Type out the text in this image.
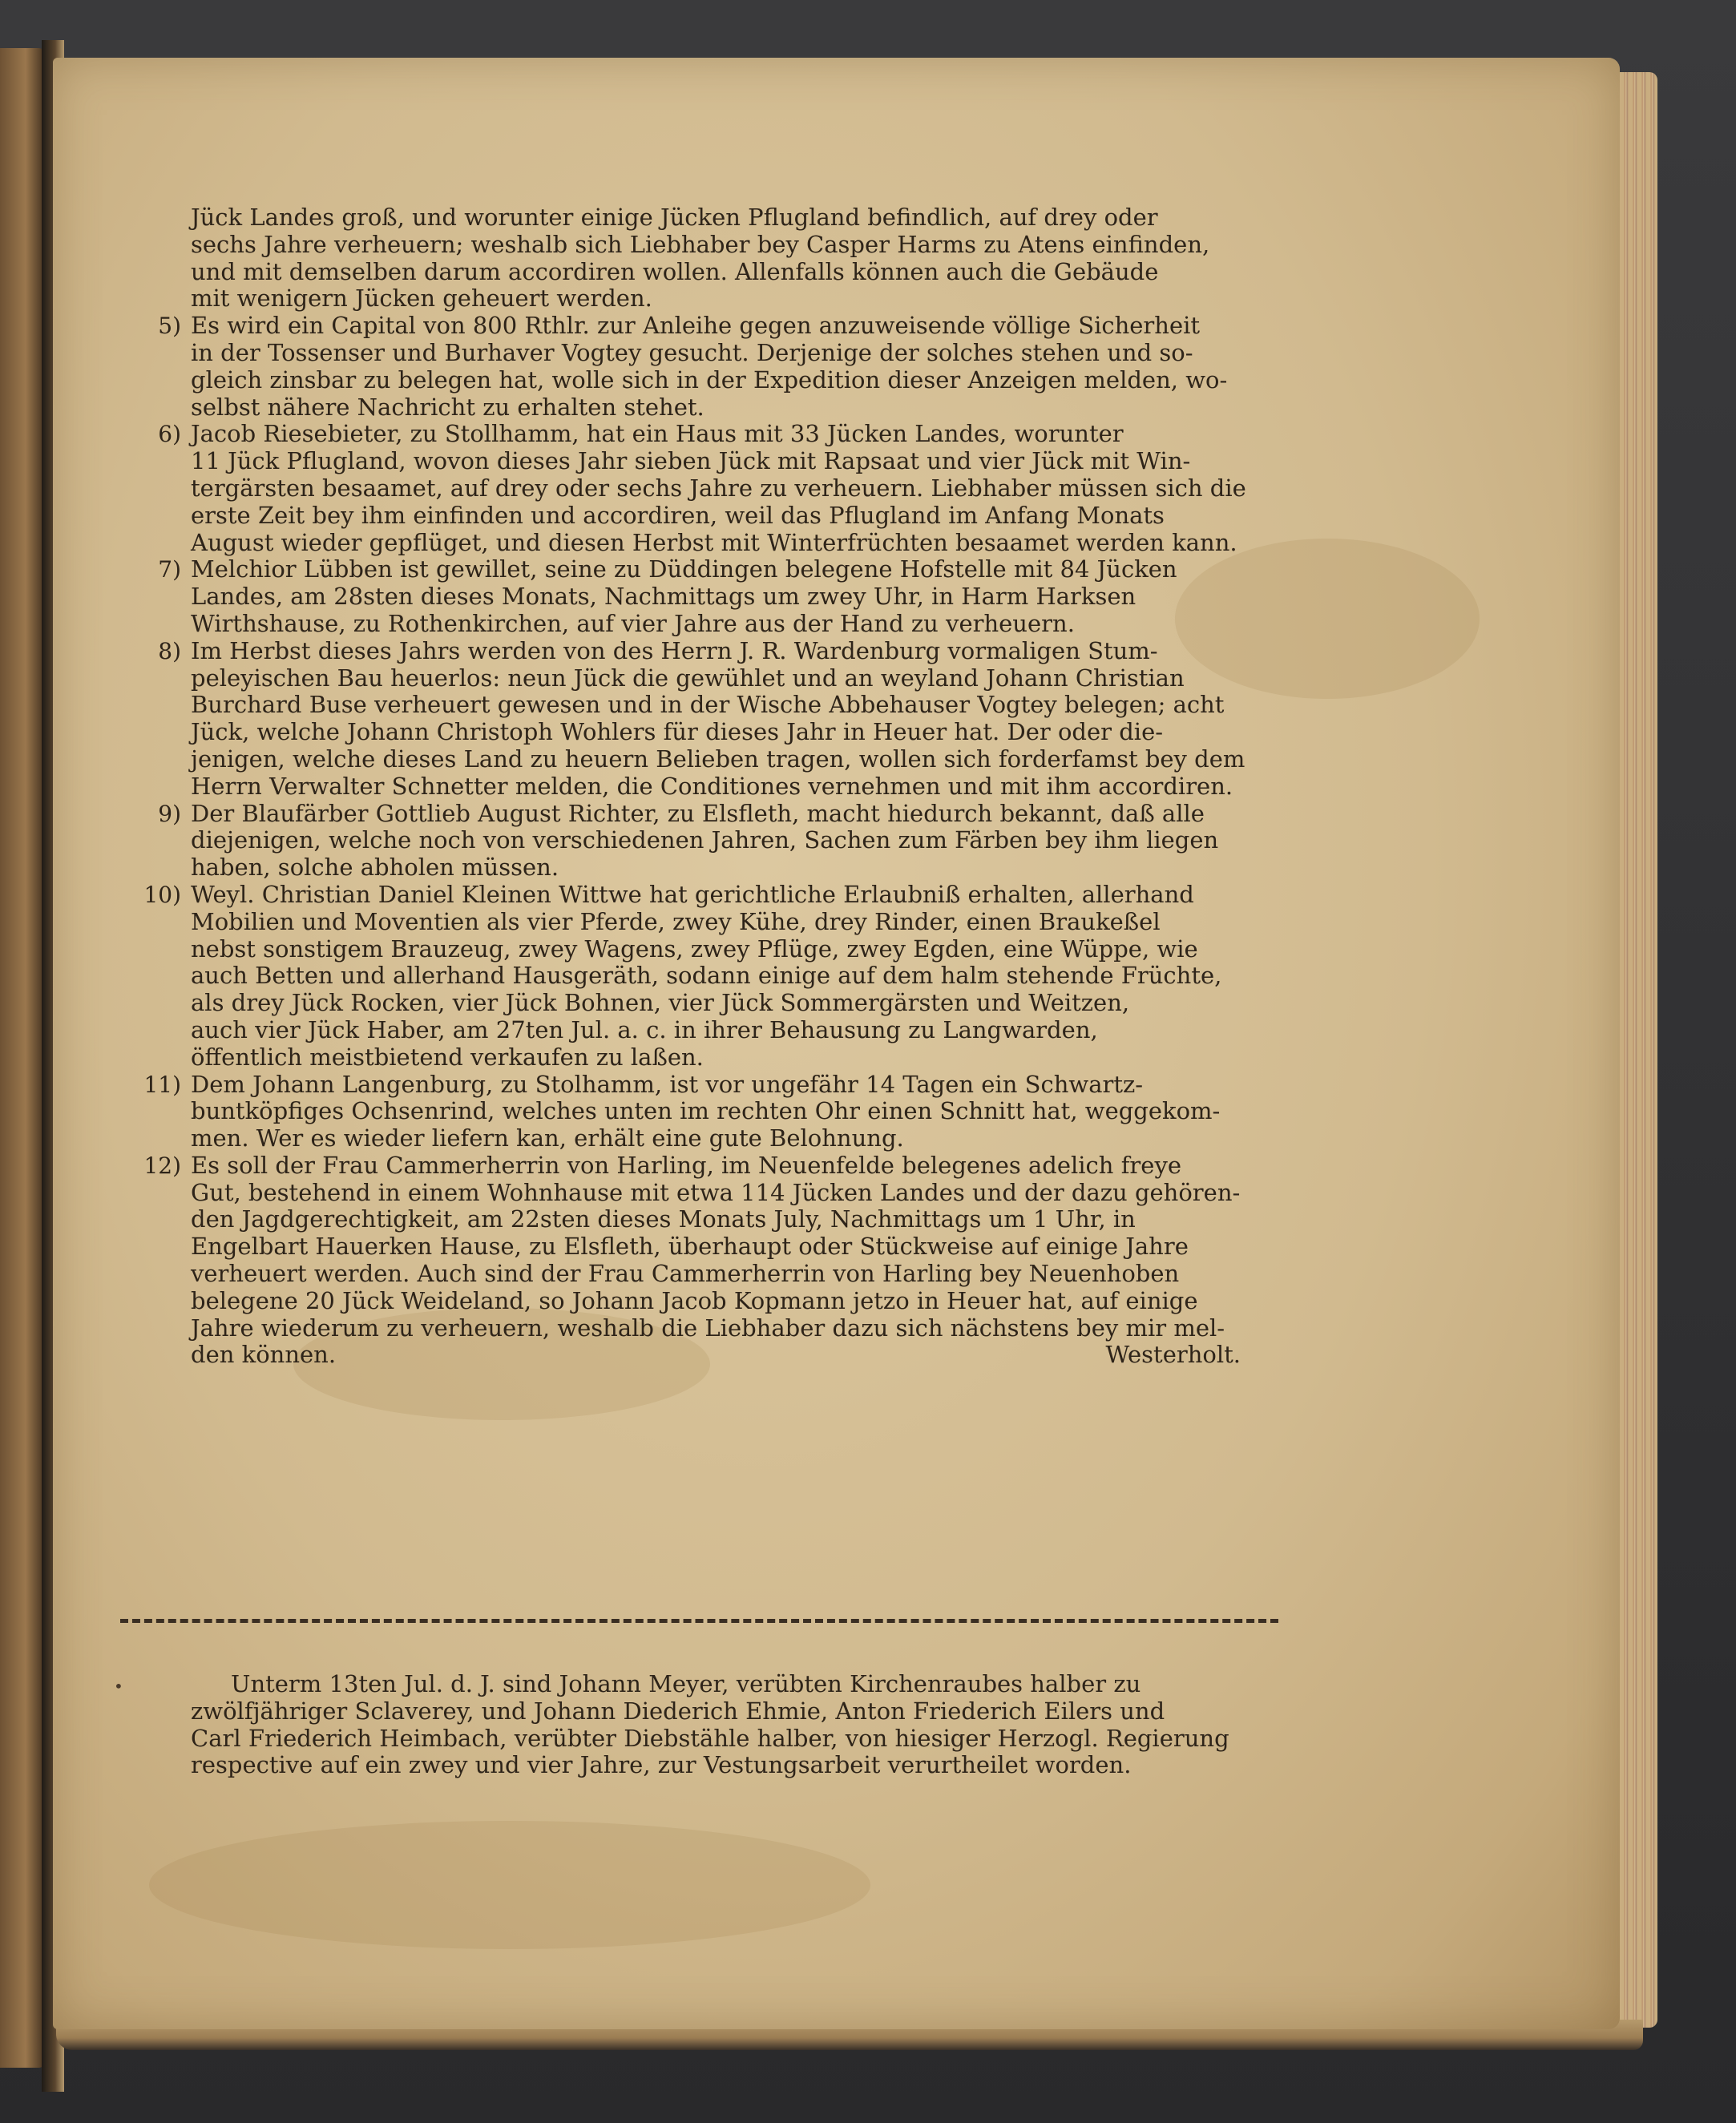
Jück Landes groß, und worunter einige Jücken Pflugland befindlich, auf drey oder
sechs Jahre verheuern; weshalb sich Liebhaber bey Casper Harms zu Atens einfinden,
und mit demselben darum accordiren wollen. Allenfalls können auch die Gebäude
mit wenigern Jücken geheuert werden.
5) Es wird ein Capital von 800 Rthlr. zur Anleihe gegen anzuweisende völlige Sicherheit
in der Tossenser und Burhaver Vogtey gesucht. Derjenige der solches stehen und so-
gleich zinsbar zu belegen hat, wolle sich in der Expedition dieser Anzeigen melden, wo-
selbst nähere Nachricht zu erhalten stehet.
6) Jacob Riesebieter, zu Stollhamm, hat ein Haus mit 33 Jücken Landes, worunter
11 Jück Pflugland, wovon dieses Jahr sieben Jück mit Rapsaat und vier Jück mit Win-
tergärsten besaamet, auf drey oder sechs Jahre zu verheuern. Liebhaber müssen sich die
erste Zeit bey ihm einfinden und accordiren, weil das Pflugland im Anfang Monats
August wieder gepflüget, und diesen Herbst mit Winterfrüchten besaamet werden kann.
7) Melchior Lübben ist gewillet, seine zu Düddingen belegene Hofstelle mit 84 Jücken
Landes, am 28sten dieses Monats, Nachmittags um zwey Uhr, in Harm Harksen
Wirthshause, zu Rothenkirchen, auf vier Jahre aus der Hand zu verheuern.
8) Im Herbst dieses Jahrs werden von des Herrn J. R. Wardenburg vormaligen Stum-
peleyischen Bau heuerlos: neun Jück die gewühlet und an weyland Johann Christian
Burchard Buse verheuert gewesen und in der Wische Abbehauser Vogtey belegen; acht
Jück, welche Johann Christoph Wohlers für dieses Jahr in Heuer hat. Der oder die-
jenigen, welche dieses Land zu heuern Belieben tragen, wollen sich forderfamst bey dem
Herrn Verwalter Schnetter melden, die Conditiones vernehmen und mit ihm accordiren.
9) Der Blaufärber Gottlieb August Richter, zu Elsfleth, macht hiedurch bekannt, daß alle
diejenigen, welche noch von verschiedenen Jahren, Sachen zum Färben bey ihm liegen
haben, solche abholen müssen.
10) Weyl. Christian Daniel Kleinen Wittwe hat gerichtliche Erlaubniß erhalten, allerhand
Mobilien und Moventien als vier Pferde, zwey Kühe, drey Rinder, einen Braukeßel
nebst sonstigem Brauzeug, zwey Wagens, zwey Pflüge, zwey Egden, eine Wüppe, wie
auch Betten und allerhand Hausgeräth, sodann einige auf dem halm stehende Früchte,
als drey Jück Rocken, vier Jück Bohnen, vier Jück Sommergärsten und Weitzen,
auch vier Jück Haber, am 27ten Jul. a. c. in ihrer Behausung zu Langwarden,
öffentlich meistbietend verkaufen zu laßen.
11) Dem Johann Langenburg, zu Stolhamm, ist vor ungefähr 14 Tagen ein Schwartz-
buntköpfiges Ochsenrind, welches unten im rechten Ohr einen Schnitt hat, weggekom-
men. Wer es wieder liefern kan, erhält eine gute Belohnung.
12) Es soll der Frau Cammerherrin von Harling, im Neuenfelde belegenes adelich freye
Gut, bestehend in einem Wohnhause mit etwa 114 Jücken Landes und der dazu gehören-
den Jagdgerechtigkeit, am 22sten dieses Monats July, Nachmittags um 1 Uhr, in
Engelbart Hauerken Hause, zu Elsfleth, überhaupt oder Stückweise auf einige Jahre
verheuert werden. Auch sind der Frau Cammerherrin von Harling bey Neuenhoben
belegene 20 Jück Weideland, so Johann Jacob Kopmann jetzo in Heuer hat, auf einige
Jahre wiederum zu verheuern, weshalb die Liebhaber dazu sich nächstens bey mir mel-
den können.	Westerholt.
•	Unterm 13ten Jul. d. J. sind Johann Meyer, verübten Kirchenraubes halber zu
zwölfjähriger Sclaverey, und Johann Diederich Ehmie, Anton Friederich Eilers und
Carl Friederich Heimbach, verübter Diebstähle halber, von hiesiger Herzogl. Regierung
respective auf ein zwey und vier Jahre, zur Vestungsarbeit verurtheilet worden.
